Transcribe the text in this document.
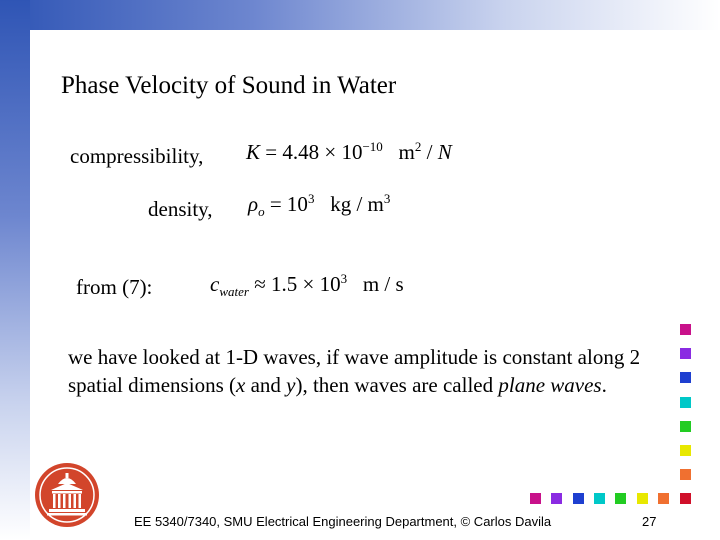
Phase Velocity of Sound in Water
compressibility, $K = 4.48 \times 10^{-10}$ $m^2$ / N
density, $\rho_o = 10^3$ kg / $m^3$
from (7):	$c_{water} \approx 1.5 \times 10^3$ m / s
we have looked at 1-D waves, if wave amplitude is constant along 2 spatial dimensions (x and y), then waves are called plane waves.
EE 5340/7340, SMU Electrical Engineering Department, © Carlos Davila	27
